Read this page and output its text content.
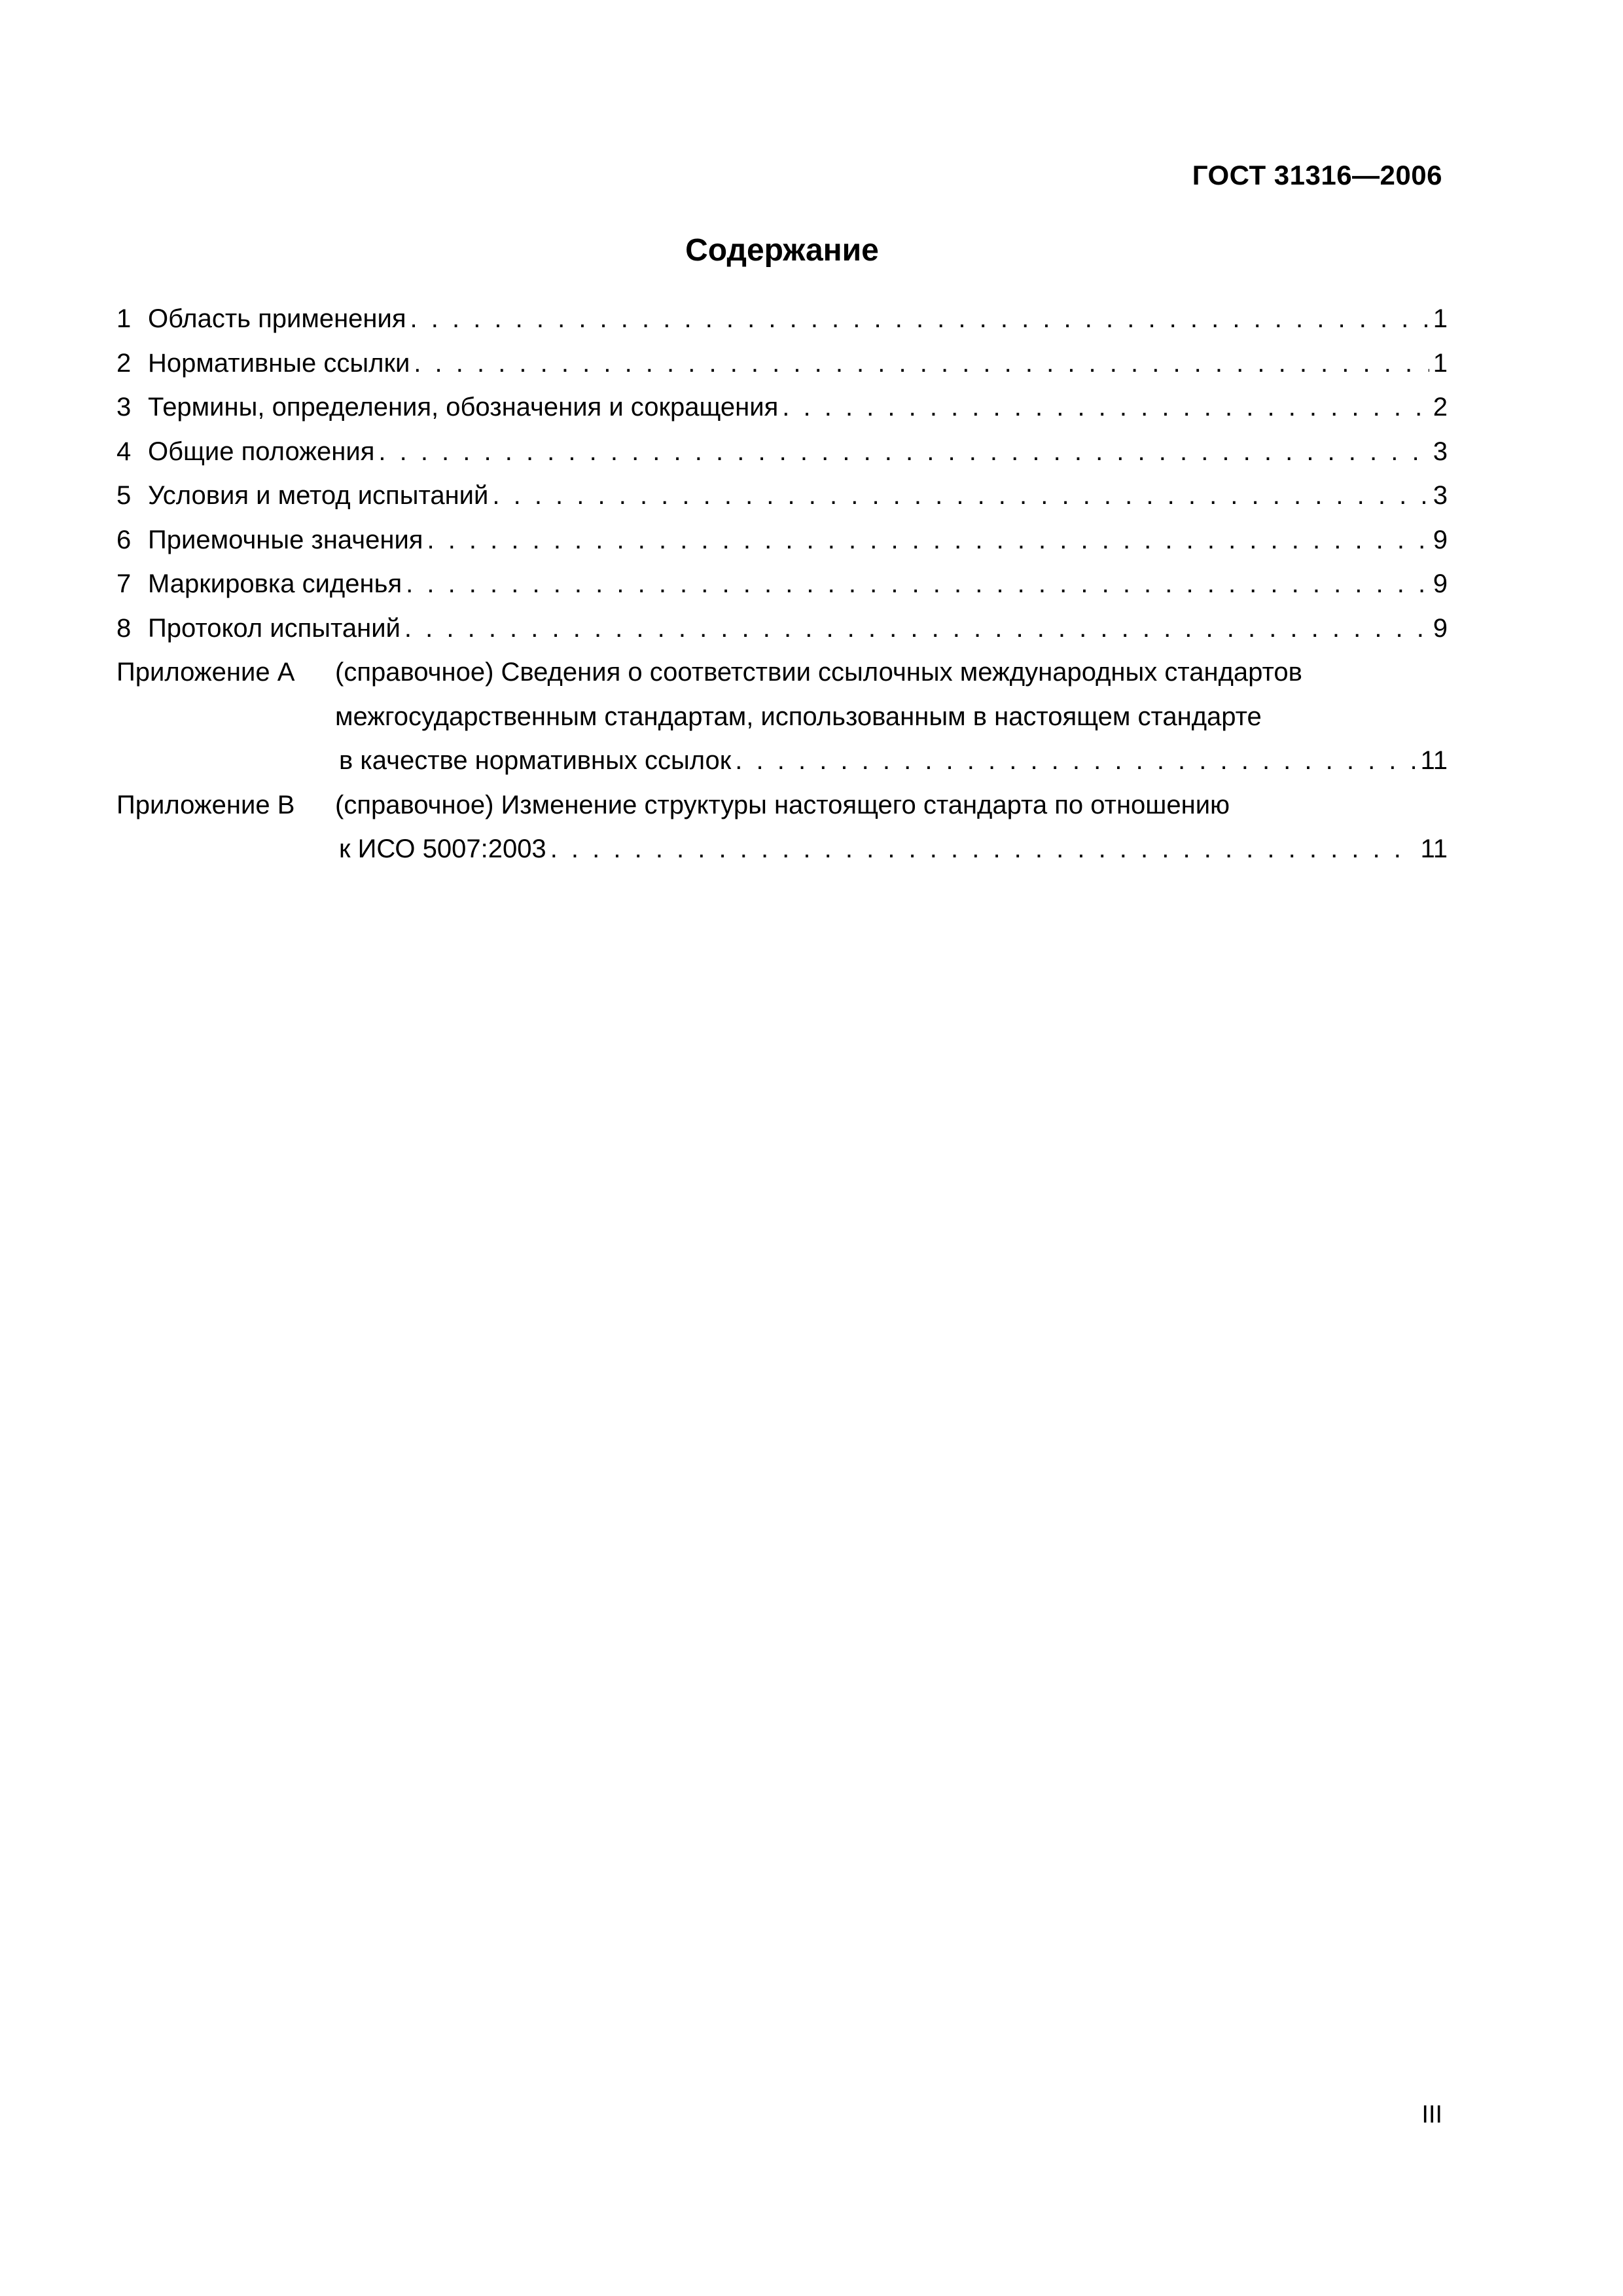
ГОСТ 31316—2006
Содержание
1 Область применения . . .	1
2 Нормативные ссылки . . .	1
3 Термины, определения, обозначения и сокращения . . .	2
4 Общие положения . . .	3
5 Условия и метод испытаний . . .	3
6 Приемочные значения . . .	9
7 Маркировка сиденья . . .	9
8 Протокол испытаний . . .	9
Приложение A	(справочное) Сведения о соответствии ссылочных международных стандартов
межгосударственным стандартам, использованным в настоящем стандарте
в качестве нормативных ссылок . . .	11
Приложение B	(справочное) Изменение структуры настоящего стандарта по отношению
к ИСО 5007:2003 . . .	11
III
